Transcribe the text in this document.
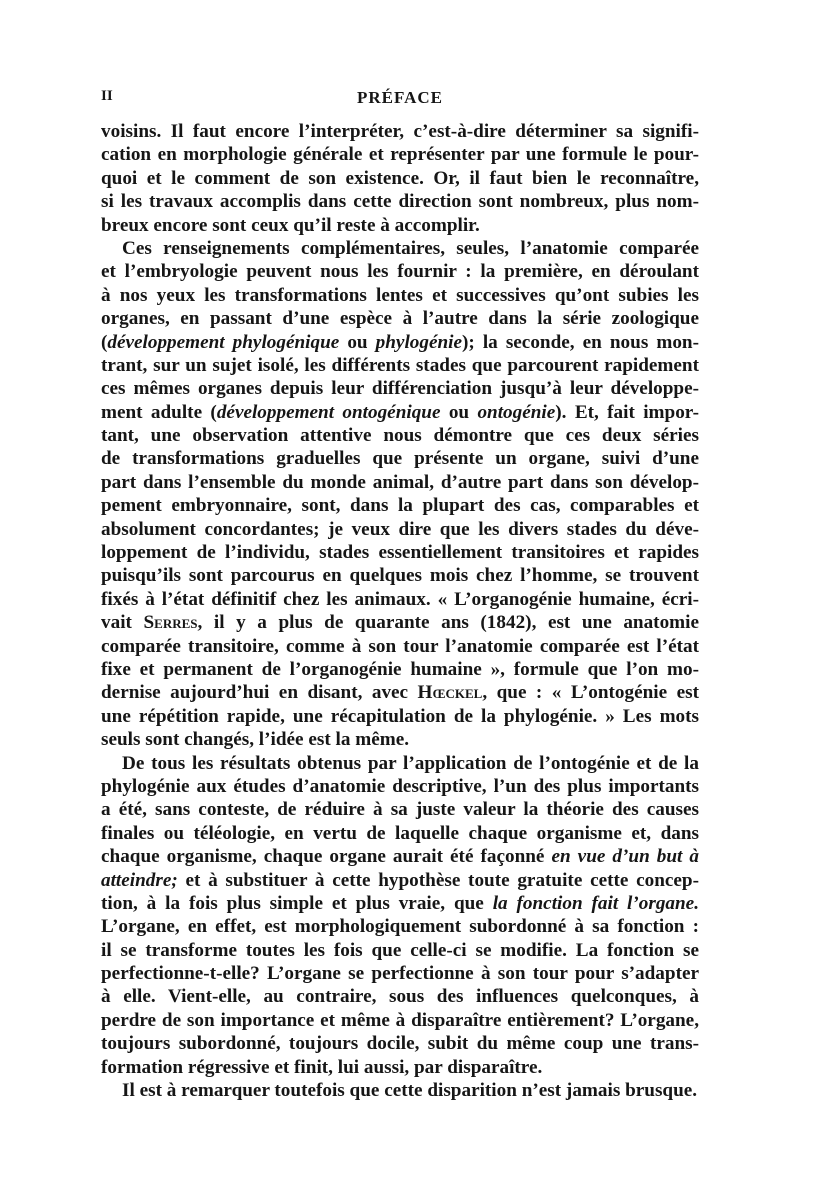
II	PRÉFACE
voisins. Il faut encore l’interpréter, c’est-à-dire déterminer sa signifi-
cation en morphologie générale et représenter par une formule le pour-
quoi et le comment de son existence. Or, il faut bien le reconnaître,
si les travaux accomplis dans cette direction sont nombreux, plus nom-
breux encore sont ceux qu’il reste à accomplir.
Ces renseignements complémentaires, seules, l’anatomie comparée
et l’embryologie peuvent nous les fournir : la première, en déroulant
à nos yeux les transformations lentes et successives qu’ont subies les
organes, en passant d’une espèce à l’autre dans la série zoologique
(développement phylogénique ou phylogénie); la seconde, en nous mon-
trant, sur un sujet isolé, les différents stades que parcourent rapidement
ces mêmes organes depuis leur différenciation jusqu’à leur développe-
ment adulte (développement ontogénique ou ontogénie). Et, fait impor-
tant, une observation attentive nous démontre que ces deux séries
de transformations graduelles que présente un organe, suivi d’une
part dans l’ensemble du monde animal, d’autre part dans son dévelop-
pement embryonnaire, sont, dans la plupart des cas, comparables et
absolument concordantes; je veux dire que les divers stades du déve-
loppement de l’individu, stades essentiellement transitoires et rapides
puisqu’ils sont parcourus en quelques mois chez l’homme, se trouvent
fixés à l’état définitif chez les animaux. « L’organogénie humaine, écri-
vait Serres, il y a plus de quarante ans (1842), est une anatomie
comparée transitoire, comme à son tour l’anatomie comparée est l’état
fixe et permanent de l’organogénie humaine », formule que l’on mo-
dernise aujourd’hui en disant, avec Hœckel, que : « L’ontogénie est
une répétition rapide, une récapitulation de la phylogénie. » Les mots
seuls sont changés, l’idée est la même.
De tous les résultats obtenus par l’application de l’ontogénie et de la
phylogénie aux études d’anatomie descriptive, l’un des plus importants
a été, sans conteste, de réduire à sa juste valeur la théorie des causes
finales ou téléologie, en vertu de laquelle chaque organisme et, dans
chaque organisme, chaque organe aurait été façonné en vue d’un but à
atteindre; et à substituer à cette hypothèse toute gratuite cette concep-
tion, à la fois plus simple et plus vraie, que la fonction fait l’organe.
L’organe, en effet, est morphologiquement subordonné à sa fonction :
il se transforme toutes les fois que celle-ci se modifie. La fonction se
perfectionne-t-elle? L’organe se perfectionne à son tour pour s’adapter
à elle. Vient-elle, au contraire, sous des influences quelconques, à
perdre de son importance et même à disparaître entièrement? L’organe,
toujours subordonné, toujours docile, subit du même coup une trans-
formation régressive et finit, lui aussi, par disparaître.
Il est à remarquer toutefois que cette disparition n’est jamais brusque.
